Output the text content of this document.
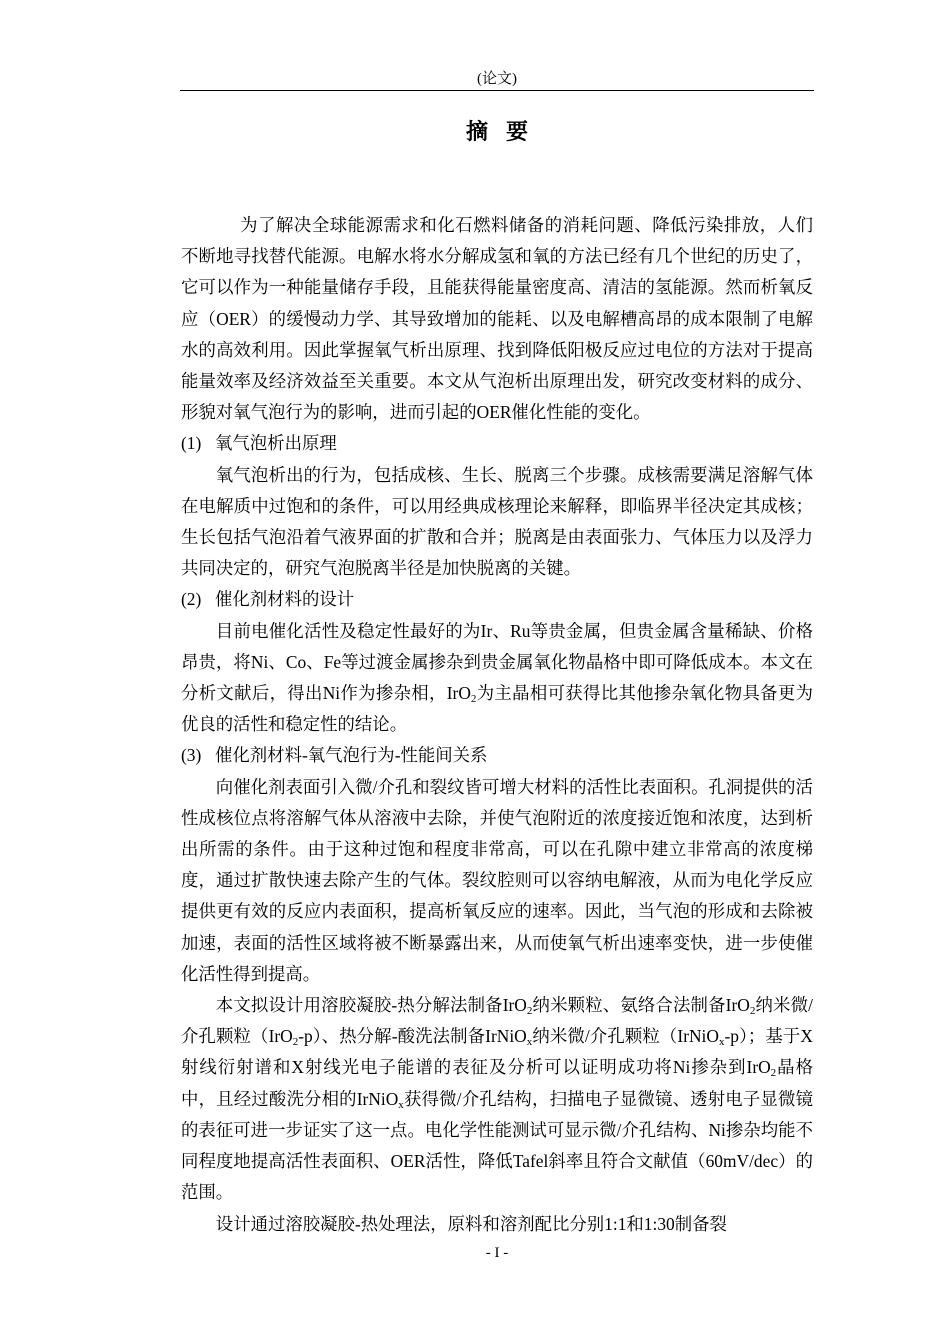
(论文)
摘要

为了解决全球能源需求和化石燃料储备的消耗问题、降低污染排放，人们不断地寻找替代能源。电解水将水分解成氢和氧的方法已经有几个世纪的历史了，它可以作为一种能量储存手段，且能获得能量密度高、清洁的氢能源。然而析氧反应（OER）的缓慢动力学、其导致增加的能耗、以及电解槽高昂的成本限制了电解水的高效利用。因此掌握氧气析出原理、找到降低阳极反应过电位的方法对于提高能量效率及经济效益至关重要。本文从气泡析出原理出发，研究改变材料的成分、形貌对氧气泡行为的影响，进而引起的OER催化性能的变化。

(1) 氧气泡析出原理

氧气泡析出的行为，包括成核、生长、脱离三个步骤。成核需要满足溶解气体在电解质中过饱和的条件，可以用经典成核理论来解释，即临界半径决定其成核；生长包括气泡沿着气液界面的扩散和合并；脱离是由表面张力、气体压力以及浮力共同决定的，研究气泡脱离半径是加快脱离的关键。

(2) 催化剂材料的设计

目前电催化活性及稳定性最好的为Ir、Ru等贵金属，但贵金属含量稀缺、价格昂贵，将Ni、Co、Fe等过渡金属掺杂到贵金属氧化物晶格中即可降低成本。本文在分析文献后，得出Ni作为掺杂相，IrO$_2$为主晶相可获得比其他掺杂氧化物具备更为优良的活性和稳定性的结论。

(3) 催化剂材料-氧气泡行为-性能间关系

向催化剂表面引入微/介孔和裂纹皆可增大材料的活性比表面积。孔洞提供的活性成核位点将溶解气体从溶液中去除，并使气泡附近的浓度接近饱和浓度，达到析出所需的条件。由于这种过饱和程度非常高，可以在孔隙中建立非常高的浓度梯度，通过扩散快速去除产生的气体。裂纹腔则可以容纳电解液，从而为电化学反应提供更有效的反应内表面积，提高析氧反应的速率。因此，当气泡的形成和去除被加速，表面的活性区域将被不断暴露出来，从而使氧气析出速率变快，进一步使催化活性得到提高。

本文拟设计用溶胶凝胶-热分解法制备IrO$_2$纳米颗粒、氨络合法制备IrO$_2$纳米微/介孔颗粒（IrO$_2$-p）、热分解-酸洗法制备IrNiO$_x$纳米微/介孔颗粒（IrNiO$_x$-p）；基于X射线衍射谱和X射线光电子能谱的表征及分析可以证明成功将Ni掺杂到IrO$_2$晶格中，且经过酸洗分相的IrNiO$_x$获得微/介孔结构，扫描电子显微镜、透射电子显微镜的表征可进一步证实了这一点。电化学性能测试可显示微/介孔结构、Ni掺杂均能不同程度地提高活性表面积、OER活性，降低Tafel斜率且符合文献值（60mV/dec）的范围。

设计通过溶胶凝胶-热处理法，原料和溶剂配比分别1:1和1:30制备裂

- I -
